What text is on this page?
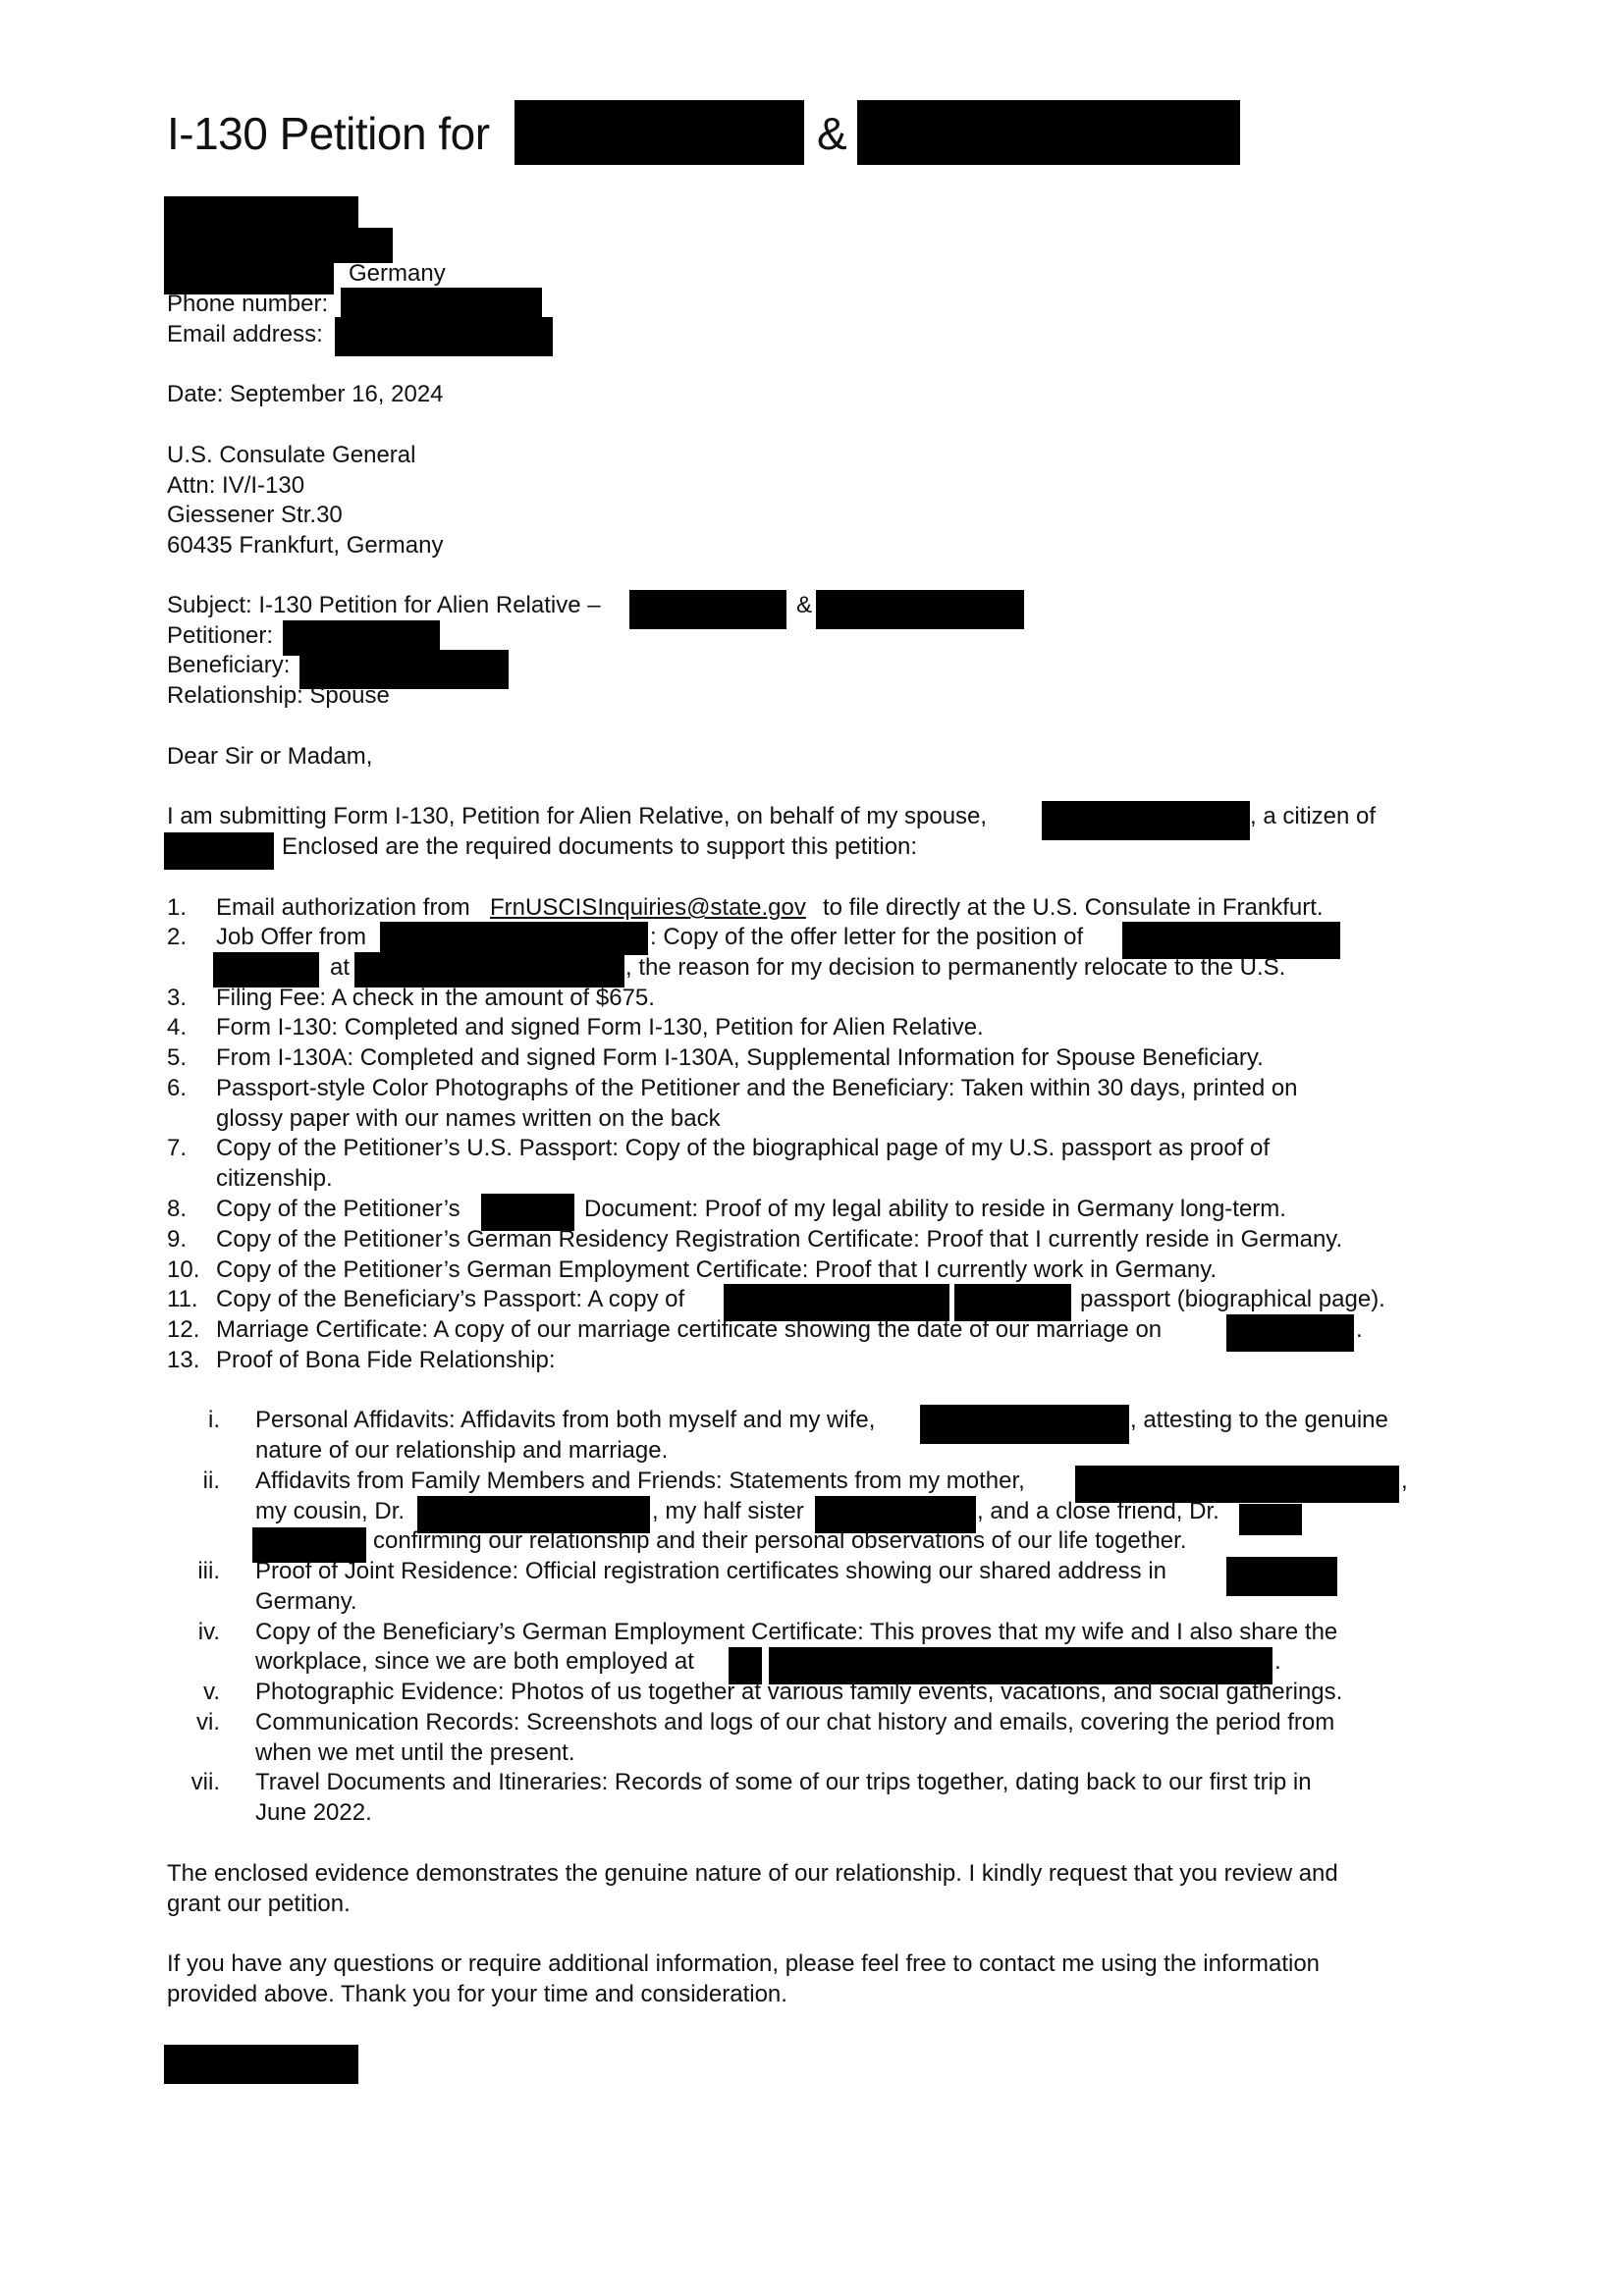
I-130 Petition for	&
Germany
Phone number:
Email address:
Date: September 16, 2024
U.S. Consulate General
Attn: IV/I-130
Giessener Str.30
60435 Frankfurt, Germany
Subject: I-130 Petition for Alien Relative –	&
Petitioner:
Beneficiary:
Relationship: Spouse
Dear Sir or Madam,
I am submitting Form I-130, Petition for Alien Relative, on behalf of my spouse,	, a citizen of
Enclosed are the required documents to support this petition:
1. Email authorization from FrnUSCISInquiries@state.gov to file directly at the U.S. Consulate in Frankfurt.
2. Job Offer from	: Copy of the offer letter for the position of
at	, the reason for my decision to permanently relocate to the U.S.
3. Filing Fee: A check in the amount of $675.
4. Form I-130: Completed and signed Form I-130, Petition for Alien Relative.
5. From I-130A: Completed and signed Form I-130A, Supplemental Information for Spouse Beneficiary.
6. Passport-style Color Photographs of the Petitioner and the Beneficiary: Taken within 30 days, printed on
glossy paper with our names written on the back
7. Copy of the Petitioner’s U.S. Passport: Copy of the biographical page of my U.S. passport as proof of
citizenship.
8. Copy of the Petitioner’s	Document: Proof of my legal ability to reside in Germany long-term.
9. Copy of the Petitioner’s German Residency Registration Certificate: Proof that I currently reside in Germany.
10. Copy of the Petitioner’s German Employment Certificate: Proof that I currently work in Germany.
11. Copy of the Beneficiary’s Passport: A copy of	passport (biographical page).
12. Marriage Certificate: A copy of our marriage certificate showing the date of our marriage on	.
13. Proof of Bona Fide Relationship:
i. Personal Affidavits: Affidavits from both myself and my wife,	, attesting to the genuine
nature of our relationship and marriage.
ii. Affidavits from Family Members and Friends: Statements from my mother,	,
my cousin, Dr.	, my half sister	, and a close friend, Dr.
confirming our relationship and their personal observations of our life together.
iii. Proof of Joint Residence: Official registration certificates showing our shared address in
Germany.
iv. Copy of the Beneficiary’s German Employment Certificate: This proves that my wife and I also share the
workplace, since we are both employed at	.
v. Photographic Evidence: Photos of us together at various family events, vacations, and social gatherings.
vi. Communication Records: Screenshots and logs of our chat history and emails, covering the period from
when we met until the present.
vii. Travel Documents and Itineraries: Records of some of our trips together, dating back to our first trip in
June 2022.
The enclosed evidence demonstrates the genuine nature of our relationship. I kindly request that you review and
grant our petition.
If you have any questions or require additional information, please feel free to contact me using the information
provided above. Thank you for your time and consideration.
